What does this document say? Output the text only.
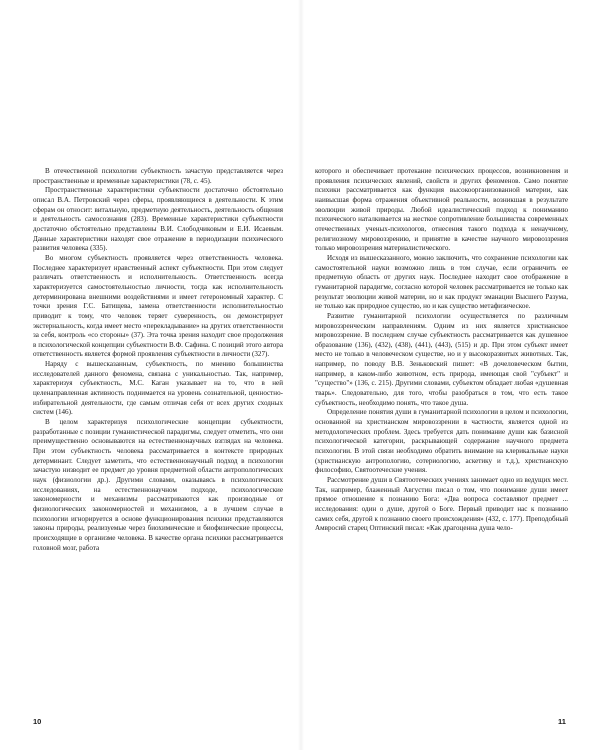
В отечественной психологии субъектность зачастую представляется через пространственные и временные характеристики (78, с. 45).

Пространственные характеристики субъектности достаточно обстоятельно описал В.А. Петровский через сферы, проявляющиеся в деятельности. К этим сферам он относит: витальную, предметную деятельность, деятельность общения и деятельность самосознания (283). Временные характеристики субъектности достаточно обстоятельно представлены В.И. Слободчиковым и Е.И. Исаевым. Данные характеристики находят свое отражение в периодизации психического развития человека (335).

Во многом субъектность проявляется через ответственность человека. Последнее характеризует нравственный аспект субъектности. При этом следует различать ответственность и исполнительность. Ответственность всегда характеризуется самостоятельностью личности, тогда как исполнительность детерминирована внешними воздействиями и имеет гетерономный характер. С точки зрения Г.С. Батищева, замена ответственности исполнительностью приводит к тому, что человек теряет суверенность, он демонстрирует экстернальность, когда имеет место «перекладывание» на других ответственности за себя, контроль «со стороны» (37). Эта точка зрения находит свое продолжения в психологической концепции субъектности В.Ф. Сафина. С позиций этого автора ответственность является формой проявления субъектности в личности (327).

Наряду с вышесказанным, субъектность, по мнению большинства исследователей данного феномена, связана с уникальностью. Так, например, характеризуя субъектность, М.С. Каган указывает на то, что в ней целенаправленная активность поднимается на уровень сознательной, ценностно-избирательной деятельности, где самым отличая себя от всех других сходных систем (146).

В целом характеризуя психологические концепции субъектности, разработанные с позиции гуманистической парадигмы, следует отметить, что они преимущественно основываются на естественнонаучных взглядах на человека. При этом субъектность человека рассматривается в контексте природных детерминант. Следует заметить, что естественнонаучный подход в психологии зачастую низводит ее предмет до уровня предметной области антропологических наук (физиологии др.). Другими словами, оказываясь в психологических исследованиях, на естественнонаучном подходе, психологические закономерности и механизмы рассматриваются как производные от физиологических закономерностей и механизмов, а в лучшем случае в психологии игнорируется в основе функционирования психики представляются законы природы, реализуемые через биохимические и биофизические процессы, происходящие в организме человека. В качестве органа психики рассматривается головной мозг, работа

которого и обеспечивает протекание психических процессов, возникновения и проявления психических явлений, свойств и других феноменов. Само понятие психики рассматривается как функция высокоорганизованной материи, как наивысшая форма отражения объективной реальности, возникшая в результате эволюции живой природы. Любой идеалистический подход к пониманию психического наталкивается на жесткое сопротивление большинства современных отечественных ученых-психологов, отнесения такого подхода к ненаучному, религиозному мировоззрению, и принятие в качестве научного мировоззрения только мировоззрения материалистического.

Исходя из вышесказанного, можно заключить, что сохранение психологии как самостоятельной науки возможно лишь в том случае, если ограничить ее предметную область от других наук. Последнее находит свое отображение в гуманитарной парадигме, согласно которой человек рассматривается не только как результат эволюции живой материи, но и как продукт эманации Высшего Разума, не только как природное существо, но и как существо метафизическое.

Развитие гуманитарной психологии осуществляется по различным мировоззренческим направлениям. Одним из них является христианское мировоззрение. В последнем случае субъектность рассматривается как душевное образование (136), (432), (438), (441), (443), (515) и др. При этом субъект имеет место не только в человеческом существе, но и у высокоразвитых животных. Так, например, по поводу В.В. Зеньковский пишет: «В дочеловеческом бытии, например, в каком-либо животном, есть природа, имеющая свой "субъект" и "существо"» (136, с. 215). Другими словами, субъектом обладает любая «душевная тварь». Следовательно, для того, чтобы разобраться в том, что есть такое субъектность, необходимо понять, что такое душа.

Определение понятия души в гуманитарной психологии в целом и психологии, основанной на христианском мировоззрении в частности, является одной из методологических проблем. Здесь требуется дать понимание души как базисной психологической категории, раскрывающей содержание научного предмета психологии. В этой связи необходимо обратить внимание на клерикальные науки (христианскую антропологию, сотериологию, аскетику и т.д.), христианскую философию, Святоотеческие учения.

Рассмотрение души в Святоотеческих учениях занимает одно из ведущих мест. Так, например, блаженный Августин писал о том, что понимание души имеет прямое отношение к познанию Бога: «Два вопроса составляют предмет ... исследования: один о душе, другой о Боге. Первый приводит нас к познанию самих себя, другой к познанию своего происхождения» (432, с. 177). Преподобный Амвросий старец Оптинский писал: «Как драгоценна душа чело-

10	11
